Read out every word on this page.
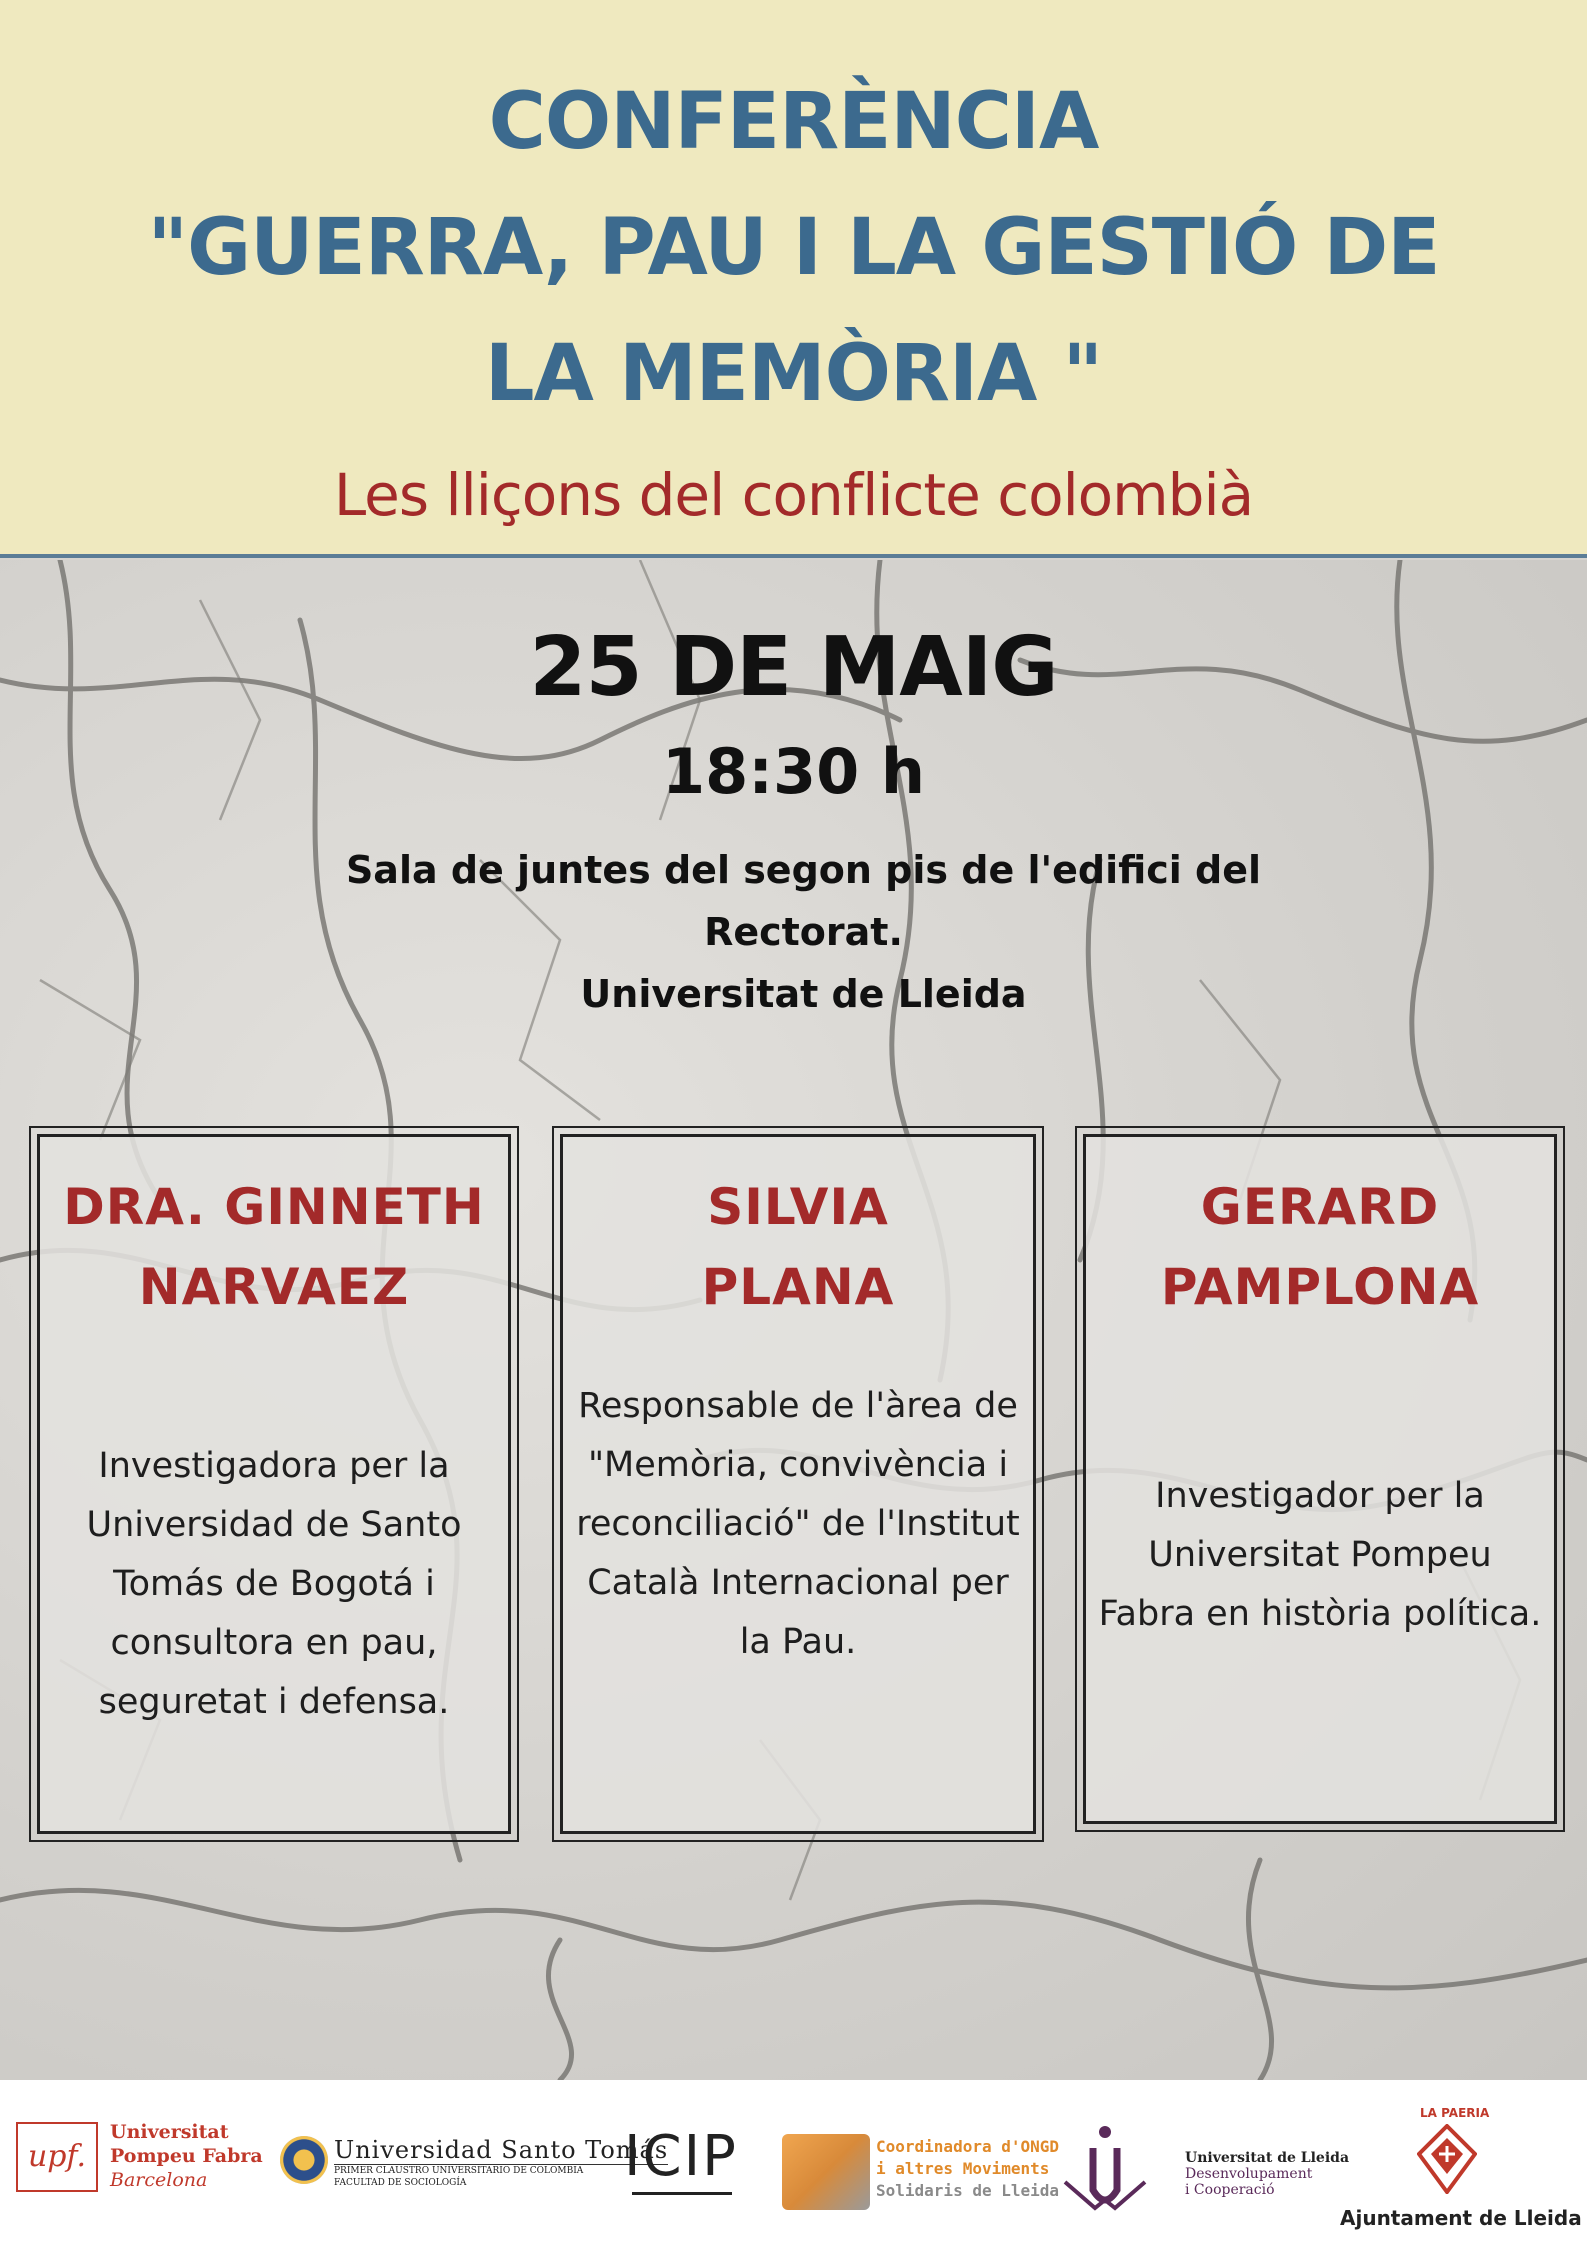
CONFERÈNCIA
"GUERRA, PAU I LA GESTIÓ DE
LA MEMÒRIA "
Les lliçons del conflicte colombià
25 DE MAIG
18:30 h
Sala de juntes del segon pis de l'edifici del
Rectorat.
Universitat de Lleida
DRA. GINNETH
NARVAEZ
Investigadora per la Universidad de Santo Tomás de Bogotá i consultora en pau, seguretat i defensa.
SILVIA
PLANA
Responsable de l'àrea de "Memòria, convivència i reconciliació" de l'Institut Català Internacional per la Pau.
GERARD
PAMPLONA
Investigador per la Universitat Pompeu Fabra en història política.
upf.
Universitat
Pompeu Fabra
Barcelona
Universidad Santo Tomás
PRIMER CLAUSTRO UNIVERSITARIO DE COLOMBIA
FACULTAD DE SOCIOLOGÍA	ICIP	Coordinadora d'ONGD
i altres Moviments
Solidaris de Lleida
Universitat de Lleida
Desenvolupament
i Cooperació
LA PAERIA
Ajuntament de Lleida
